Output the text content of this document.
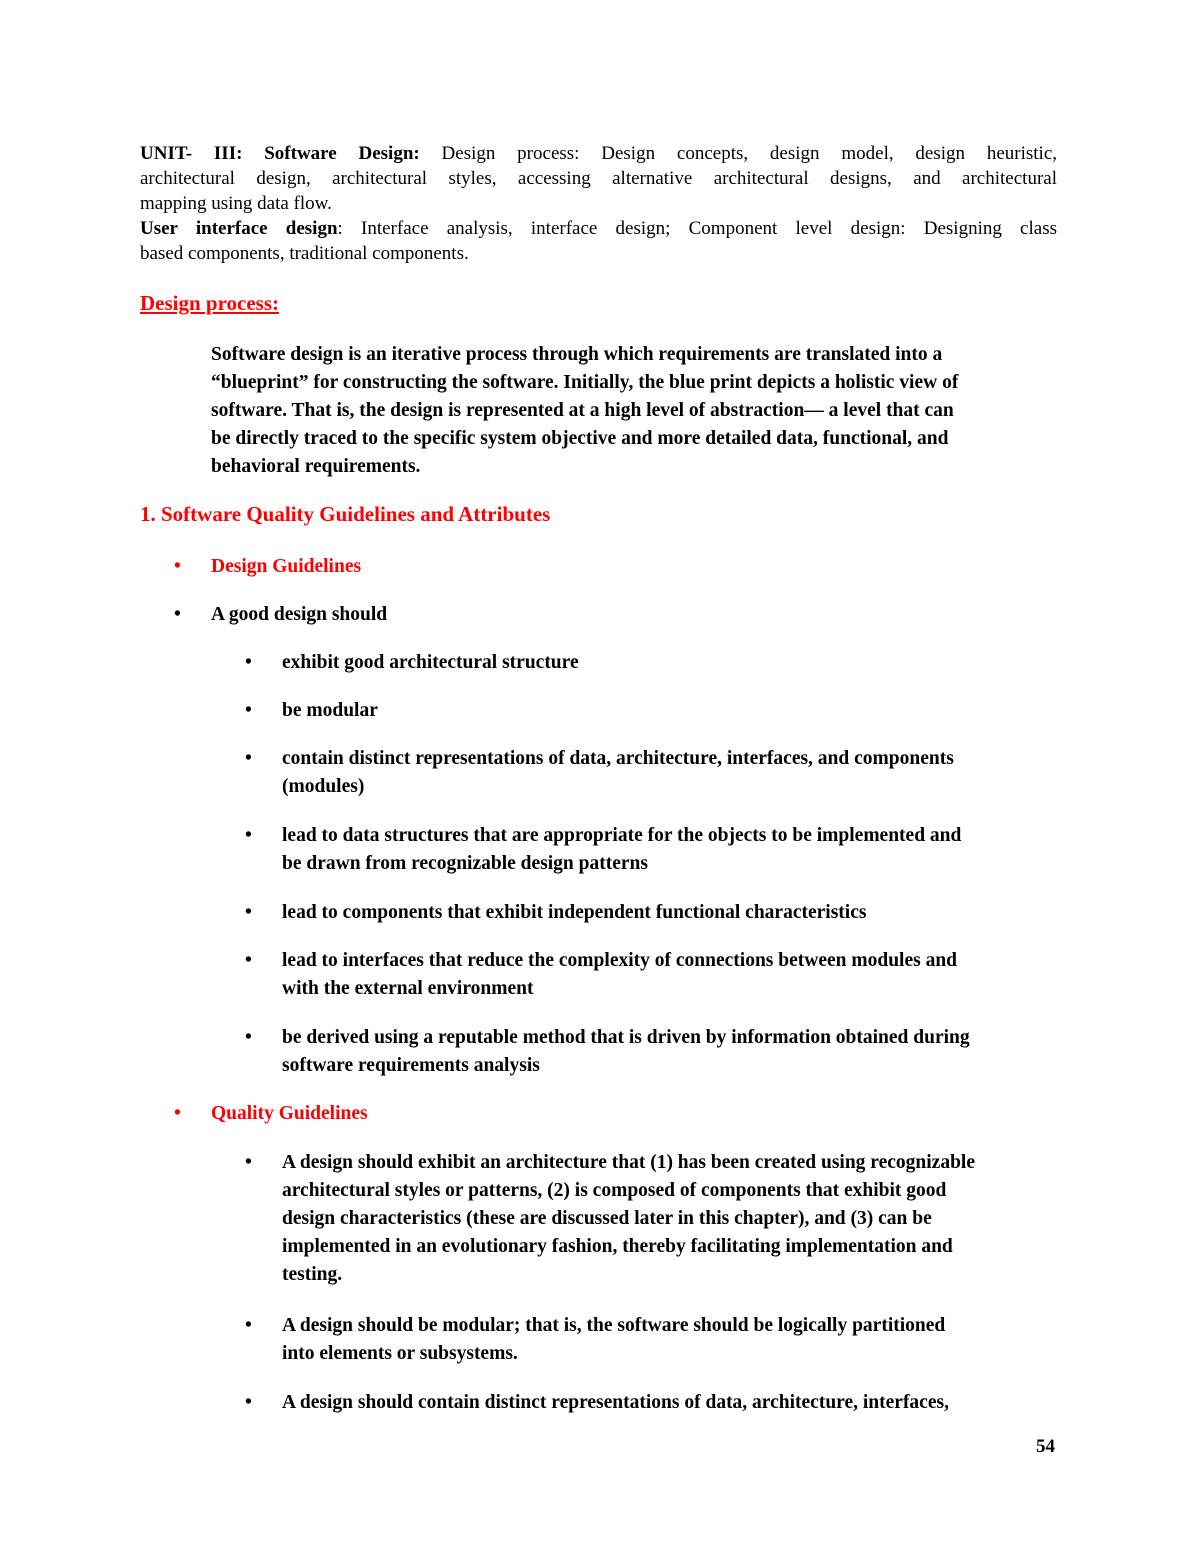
UNIT- III: Software Design: Design process: Design concepts, design model, design heuristic,
architectural design, architectural styles, accessing alternative architectural designs, and architectural
mapping using data flow.
User interface design: Interface analysis, interface design; Component level design: Designing class
based components, traditional components.
Design process:
Software design is an iterative process through which requirements are translated into a
“blueprint” for constructing the software. Initially, the blue print depicts a holistic view of
software. That is, the design is represented at a high level of abstraction— a level that can
be directly traced to the specific system objective and more detailed data, functional, and
behavioral requirements.
1. Software Quality Guidelines and Attributes
• Design Guidelines
• A good design should
• exhibit good architectural structure
• be modular
• contain distinct representations of data, architecture, interfaces, and components
(modules)
• lead to data structures that are appropriate for the objects to be implemented and
be drawn from recognizable design patterns
• lead to components that exhibit independent functional characteristics
• lead to interfaces that reduce the complexity of connections between modules and
with the external environment
• be derived using a reputable method that is driven by information obtained during
software requirements analysis
• Quality Guidelines
• A design should exhibit an architecture that (1) has been created using recognizable
architectural styles or patterns, (2) is composed of components that exhibit good
design characteristics (these are discussed later in this chapter), and (3) can be
implemented in an evolutionary fashion, thereby facilitating implementation and
testing.
• A design should be modular; that is, the software should be logically partitioned
into elements or subsystems.
• A design should contain distinct representations of data, architecture, interfaces,
54
